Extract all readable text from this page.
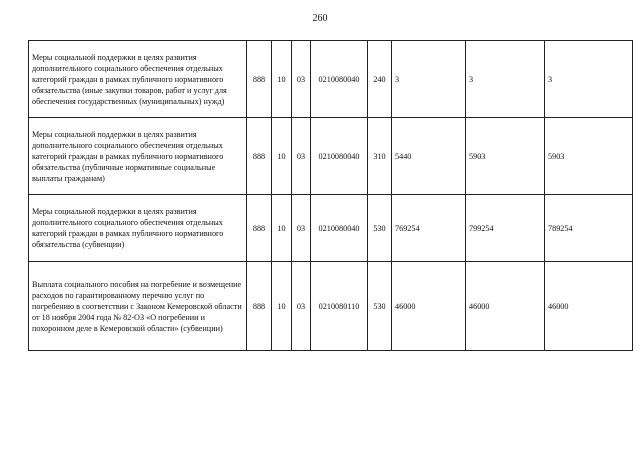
260
Меры социальной поддержки в целях развития дополнительного социального обеспечения отдельных категорий граждан в рамках публичного нормативного обязательства (иные закупки товаров, работ и услуг для обеспечения государственных (муниципальных) нужд)	888	10	03	0210080040	240	3	3	3
Меры социальной поддержки в целях развития дополнительного социального обеспечения отдельных категорий граждан в рамках публичного нормативного обязательства (публичные нормативные социальные выплаты гражданам)	888	10	03	0210080040	310	5440	5903	5903
Меры социальной поддержки в целях развития дополнительного социального обеспечения отдельных категорий граждан в рамках публичного нормативного обязательства (субвенции)	888	10	03	0210080040	530	769254	799254	789254
Выплата социального пособия на погребение и возмещение расходов по гарантированному перечню услуг по погребению в соответствии с Законом Кемеровской области от 18 ноября 2004 года № 82-ОЗ «О погребении и похоронном деле в Кемеровской области» (субвенции)	888	10	03	0210080110	530	46000	46000	46000
